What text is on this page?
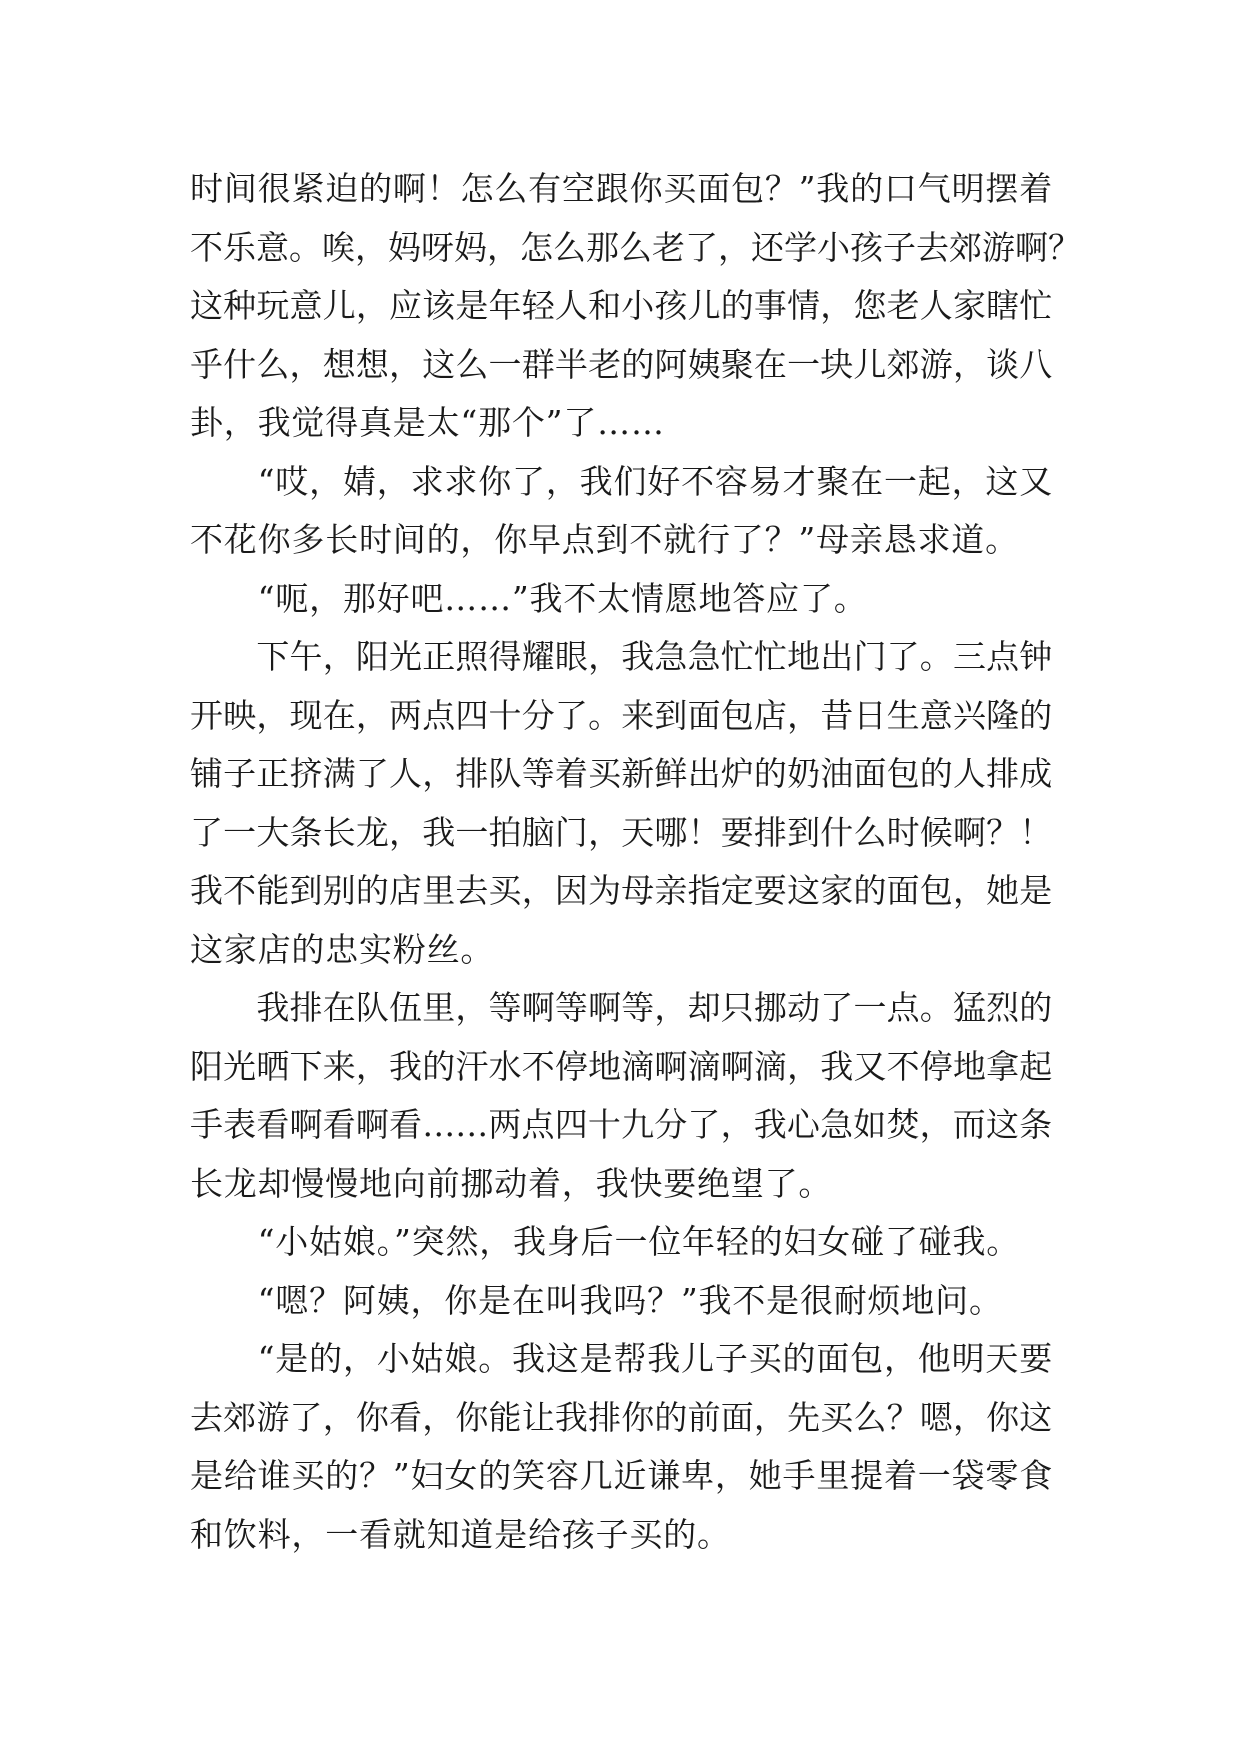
时间很紧迫的啊！怎么有空跟你买面包？”我的口气明摆着
不乐意。唉，妈呀妈，怎么那么老了，还学小孩子去郊游啊？
这种玩意儿，应该是年轻人和小孩儿的事情，您老人家瞎忙
乎什么，想想，这么一群半老的阿姨聚在一块儿郊游，谈八
卦，我觉得真是太“那个”了……
　　“哎，婧，求求你了，我们好不容易才聚在一起，这又
不花你多长时间的，你早点到不就行了？”母亲恳求道。
　　“呃，那好吧……”我不太情愿地答应了。
　　下午，阳光正照得耀眼，我急急忙忙地出门了。三点钟
开映，现在，两点四十分了。来到面包店，昔日生意兴隆的
铺子正挤满了人，排队等着买新鲜出炉的奶油面包的人排成
了一大条长龙，我一拍脑门，天哪！要排到什么时候啊？！
我不能到别的店里去买，因为母亲指定要这家的面包，她是
这家店的忠实粉丝。
　　我排在队伍里，等啊等啊等，却只挪动了一点。猛烈的
阳光晒下来，我的汗水不停地滴啊滴啊滴，我又不停地拿起
手表看啊看啊看……两点四十九分了，我心急如焚，而这条
长龙却慢慢地向前挪动着，我快要绝望了。
　　“小姑娘。”突然，我身后一位年轻的妇女碰了碰我。
　　“嗯？阿姨，你是在叫我吗？”我不是很耐烦地问。
　　“是的，小姑娘。我这是帮我儿子买的面包，他明天要
去郊游了，你看，你能让我排你的前面，先买么？嗯，你这
是给谁买的？”妇女的笑容几近谦卑，她手里提着一袋零食
和饮料，一看就知道是给孩子买的。
